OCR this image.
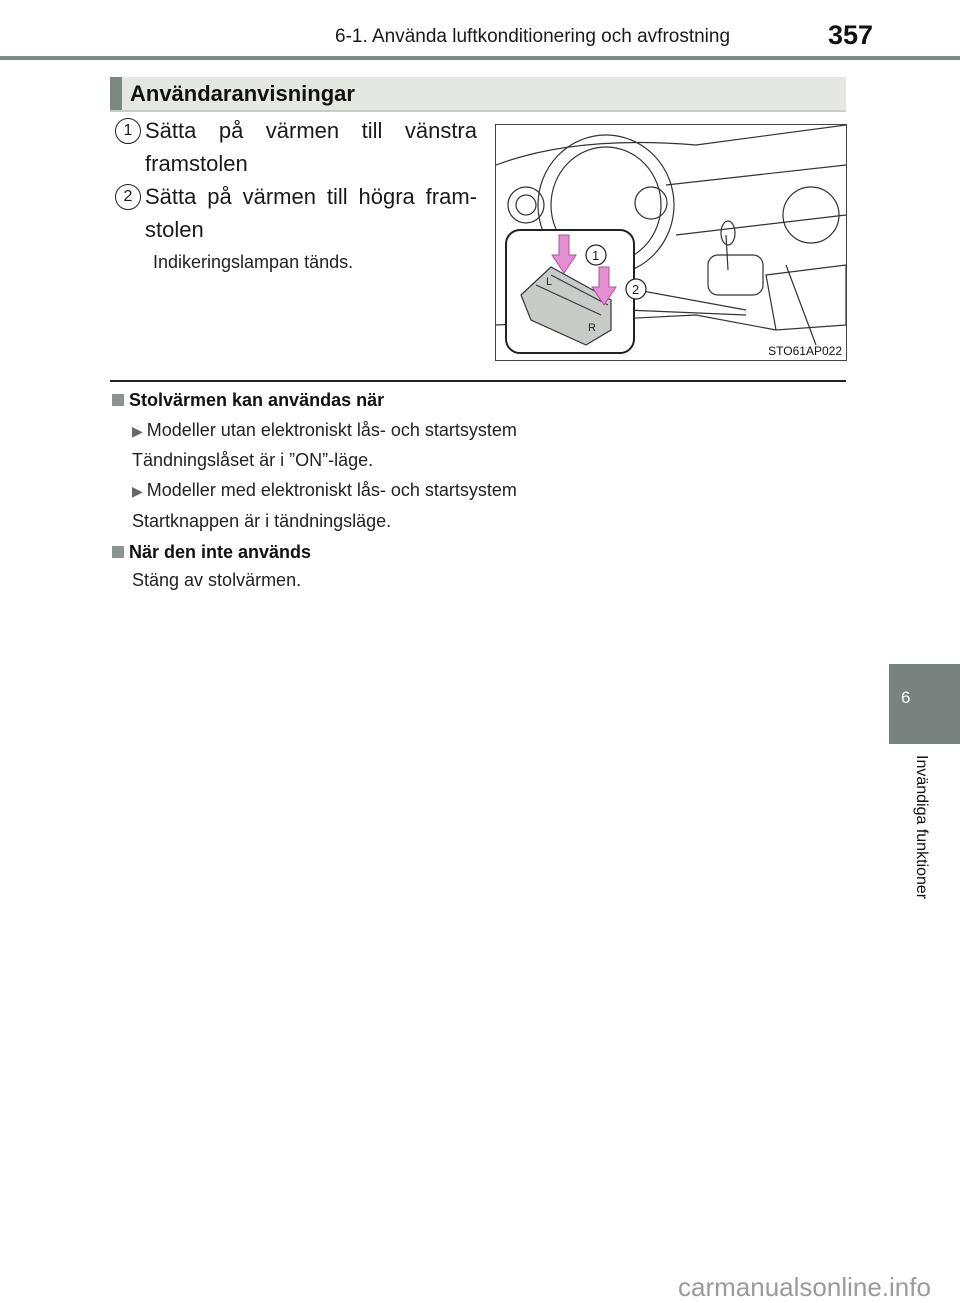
6-1. Använda luftkonditionering och avfrostning	357
Användaranvisningar
1 Sätta på värmen till vänstra framstolen
2 Sätta på värmen till högra fram-stolen
Indikeringslampan tänds.
L
R
1
2
STO61AP022
Stolvärmen kan användas när
▶ Modeller utan elektroniskt lås- och startsystem
Tändningslåset är i ”ON”-läge.
▶ Modeller med elektroniskt lås- och startsystem
Startknappen är i tändningsläge.
När den inte används
Stäng av stolvärmen.
6
Invändiga funktioner
carmanualsonline.info
